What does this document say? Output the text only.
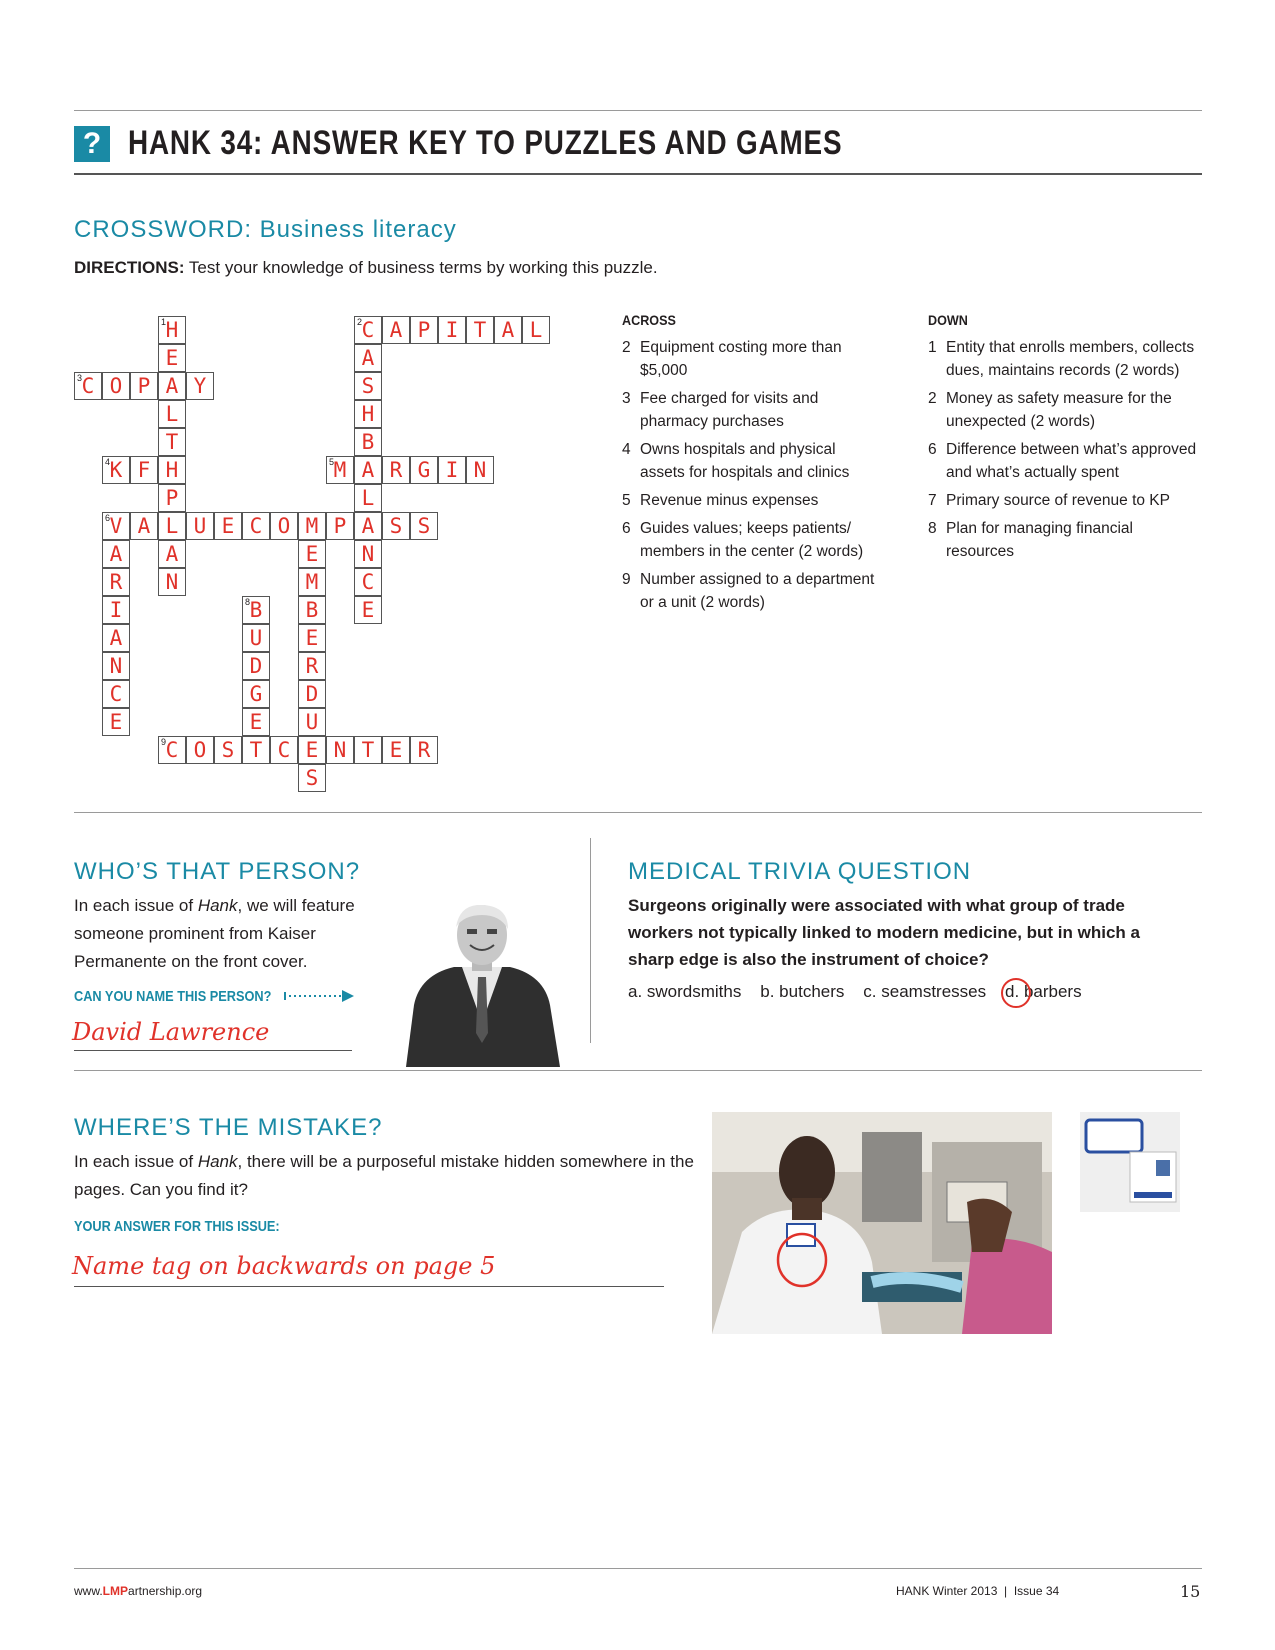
? HANK 34: ANSWER KEY TO PUZZLES AND GAMES
CROSSWORD: Business literacy
DIRECTIONS: Test your knowledge of business terms by working this puzzle.
C A P I T A L
C O P A Y
K F H	M A R G I N
V A L U E C O M P A S S
C O S T C E N T E R
H
E
L
T
P
A
N
A
S
H
B
L
N
C
E
A
R
I
A
N
C
E
E
M
B
E
R
D
U
S
B
U
D
G
E
1	2
3
4	5
6
8
9
ACROSS
2 Equipment costing more than $5,000
3 Fee charged for visits and pharmacy purchases
4 Owns hospitals and physical assets for hospitals and clinics
5 Revenue minus expenses
6 Guides values; keeps patients/ members in the center (2 words)
9 Number assigned to a department or a unit (2 words)
DOWN
1 Entity that enrolls members, collects dues, maintains records (2 words)
2 Money as safety measure for the unexpected (2 words)
6 Difference between what’s approved and what’s actually spent
7 Primary source of revenue to KP
8 Plan for managing financial resources
WHO’S THAT PERSON?
In each issue of Hank, we will feature someone prominent from Kaiser Permanente on the front cover.
CAN YOU NAME THIS PERSON?
David Lawrence
MEDICAL TRIVIA QUESTION
Surgeons originally were associated with what group of trade workers not typically linked to modern medicine, but in which a sharp edge is also the instrument of choice?
a. swordsmiths b. butchers c. seamstresses d. barbers
WHERE’S THE MISTAKE?
In each issue of Hank, there will be a purposeful mistake hidden somewhere in the pages. Can you find it?
YOUR ANSWER FOR THIS ISSUE:
Name tag on backwards on page 5
www.LMPartnership.org	HANK Winter 2013  |  Issue 34	15
